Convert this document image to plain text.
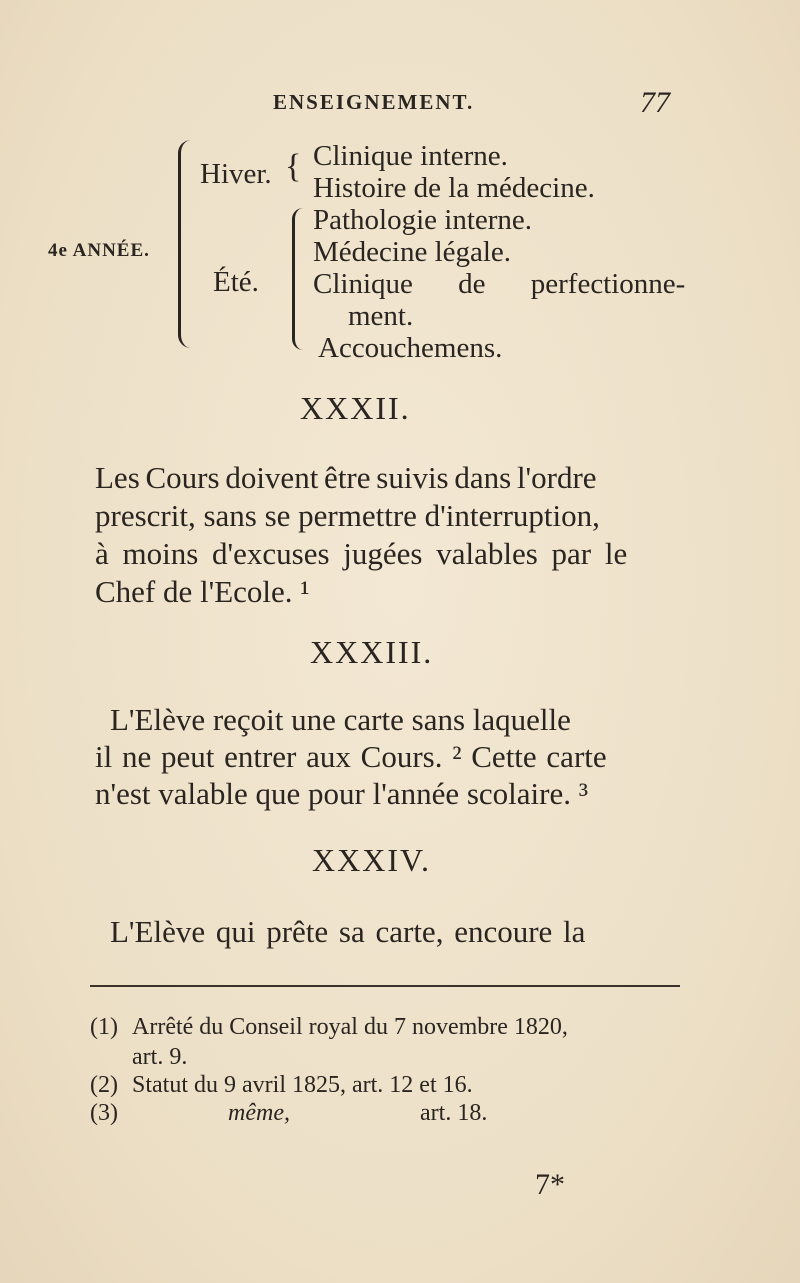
ENSEIGNEMENT.	77
4e ANNÉE.
Hiver. { Clinique interne.
Histoire de la médecine.
Été.
Pathologie interne.
Médecine légale.
Clinique de perfectionne-
ment.
Accouchemens.
XXXII.
Les Cours doivent être suivis dans l'ordre
prescrit, sans se permettre d'interruption,
à moins d'excuses jugées valables par le
Chef de l'Ecole. ¹
XXXIII.
L'Elève reçoit une carte sans laquelle
il ne peut entrer aux Cours. ² Cette carte
n'est valable que pour l'année scolaire. ³
XXXIV.
L'Elève qui prête sa carte, encoure la
(1) Arrêté du Conseil royal du 7 novembre 1820,
art. 9.
(2) Statut du 9 avril 1825, art. 12 et 16.
(3)	même,	art. 18.
7*
